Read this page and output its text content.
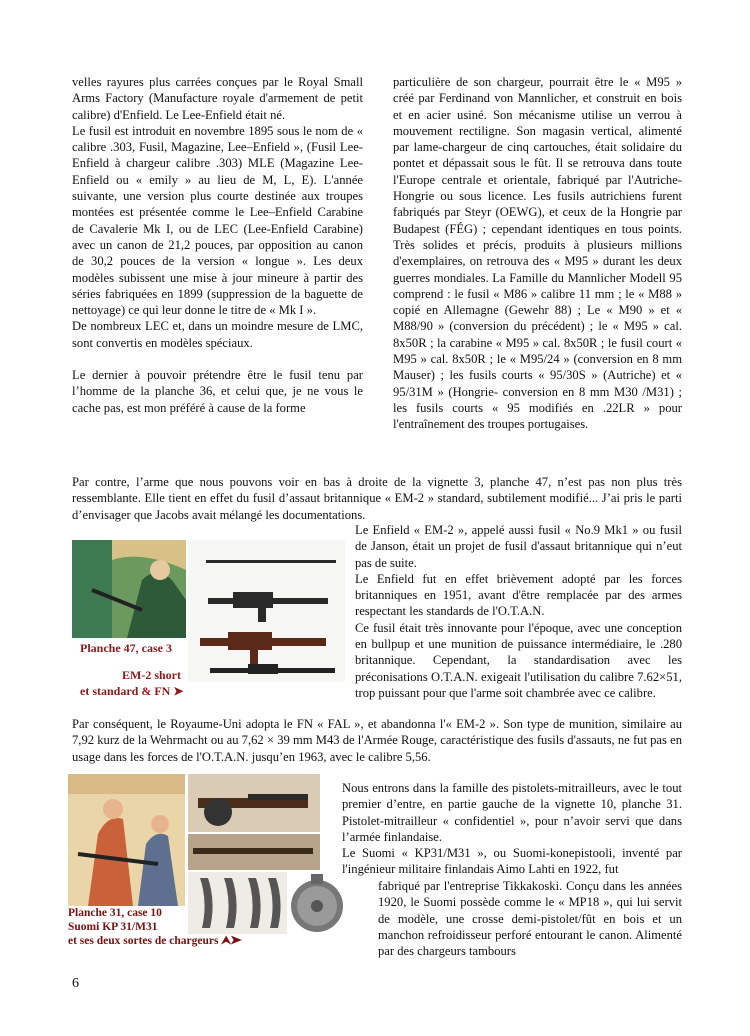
velles rayures plus carrées conçues par le Royal Small Arms Factory (Manufacture royale d'armement de petit calibre) d'Enfield. Le Lee-Enfield était né.

Le fusil est introduit en novembre 1895 sous le nom de « calibre .303, Fusil, Magazine, Lee–Enfield », (Fusil Lee-Enfield à chargeur calibre .303) MLE (Magazine Lee-Enfield ou « emily » au lieu de M, L, E). L'année suivante, une version plus courte destinée aux troupes montées est présentée comme le Lee–Enfield Carabine de Cavalerie Mk I, ou de LEC (Lee-Enfield Carabine) avec un canon de 21,2 pouces, par opposition au canon de 30,2 pouces de la version « longue ». Les deux modèles subissent une mise à jour mineure à partir des séries fabriquées en 1899 (suppression de la baguette de nettoyage) ce qui leur donne le titre de « Mk I ».

De nombreux LEC et, dans un moindre mesure de LMC, sont convertis en modèles spéciaux.

Le dernier à pouvoir prétendre être le fusil tenu par l’homme de la planche 36, et celui que, je ne vous le cache pas, est mon préféré à cause de la forme

particulière de son chargeur, pourrait être le « M95 » créé par Ferdinand von Mannlicher, et construit en bois et en acier usiné. Son mécanisme utilise un verrou à mouvement rectiligne. Son magasin vertical, alimenté par lame-chargeur de cinq cartouches, était solidaire du pontet et dépassait sous le fût. Il se retrouva dans toute l'Europe centrale et orientale, fabriqué par l'Autriche-Hongrie ou sous licence. Les fusils autrichiens furent fabriqués par Steyr (OEWG), et ceux de la Hongrie par Budapest (FÉG) ; cependant identiques en tous points. Très solides et précis, produits à plusieurs millions d'exemplaires, on retrouva des « M95 » durant les deux guerres mondiales. La Famille du Mannlicher Modell 95 comprend : le fusil « M86 » calibre 11 mm ; le « M88 » copié en Allemagne (Gewehr 88) ; Le « M90 » et « M88/90 » (conversion du précédent) ; le « M95 » cal. 8x50R ; la carabine « M95 » cal. 8x50R ; le fusil court « M95 » cal. 8x50R ; le « M95/24 » (conversion en 8 mm Mauser) ; les fusils courts « 95/30S » (Autriche) et « 95/31M » (Hongrie- conversion en 8 mm M30 /M31) ; les fusils courts « 95 modifiés en .22LR » pour l'entraînement des troupes portugaises.

Par contre, l’arme que nous pouvons voir en bas à droite de la vignette 3, planche 47, n’est pas non plus très ressemblante. Elle tient en effet du fusil d’assaut britannique « EM-2 » standard, subtilement modifié... J’ai pris le parti d’envisager que Jacobs avait mélangé les documentations.

Planche 47, case 3
EM-2 short
et standard & FN ➤

Le Enfield « EM-2 », appelé aussi fusil « No.9 Mk1 » ou fusil de Janson, était un projet de fusil d'assaut britannique qui n’eut pas de suite.

Le Enfield fut en effet brièvement adopté par les forces britanniques en 1951, avant d'être remplacée par des armes respectant les standards de l'O.T.A.N.

Ce fusil était très innovante pour l'époque, avec une conception en bullpup et une munition de puissance intermédiaire, le .280 britannique. Cependant, la standardisation avec les préconisations O.T.A.N. exigeait l'utilisation du calibre 7.62×51, trop puissant pour que l'arme soit chambrée avec ce calibre.

Par conséquent, le Royaume-Uni adopta le FN « FAL », et abandonna l'« EM-2 ». Son type de munition, similaire au 7,92 kurz de la Wehrmacht ou au 7,62 × 39 mm M43 de l'Armée Rouge, caractéristique des fusils d'assauts, ne fut pas en usage dans les forces de l'O.T.A.N. jusqu’en 1963, avec le calibre 5,56.

Planche 31, case 10
Suomi KP 31/M31
et ses deux sortes de chargeurs ⮝➤

Nous entrons dans la famille des pistolets-mitrailleurs, avec le tout premier d’entre, en partie gauche de la vignette 10, planche 31. Pistolet-mitrailleur « confidentiel », pour n’avoir servi que dans l’armée finlandaise.

Le Suomi « KP31/M31 », ou Suomi-konepistooli, inventé par l'ingénieur militaire finlandais Aimo Lahti en 1922, fut

fabriqué par l'entreprise Tikkakoski. Conçu dans les années 1920, le Suomi possède comme le « MP18 », qui lui servit de modèle, une crosse demi-pistolet/fût en bois et un manchon refroidisseur perforé entourant le canon. Alimenté par des chargeurs tambours

6
